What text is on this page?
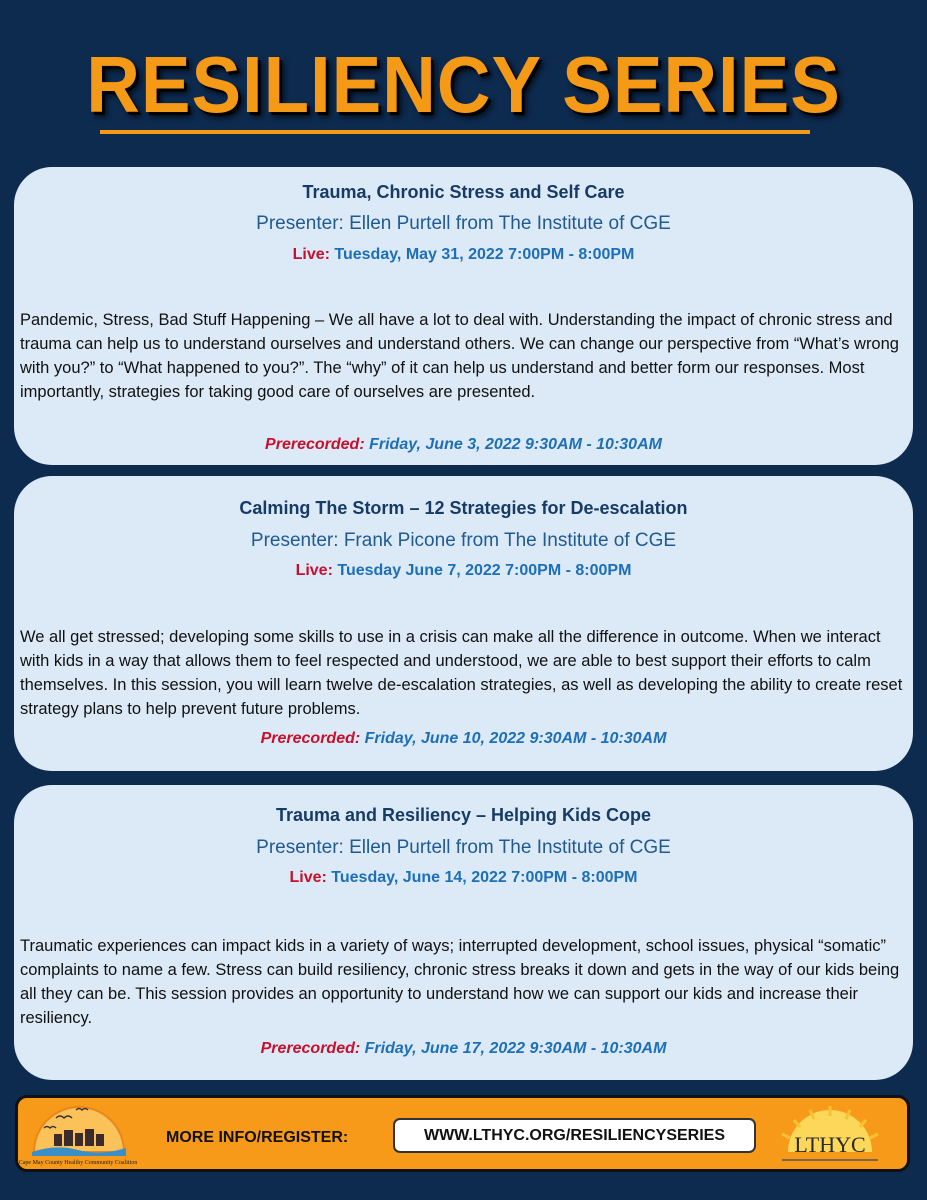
RESILIENCY SERIES
Trauma, Chronic Stress and Self Care
Presenter: Ellen Purtell from The Institute of CGE
Live: Tuesday, May 31, 2022 7:00PM - 8:00PM
Pandemic, Stress, Bad Stuff Happening – We all have a lot to deal with. Understanding the impact of chronic stress and trauma can help us to understand ourselves and understand others. We can change our perspective from “What’s wrong with you?” to “What happened to you?”. The “why” of it can help us understand and better form our responses. Most importantly, strategies for taking good care of ourselves are presented.
Prerecorded: Friday, June 3, 2022 9:30AM - 10:30AM
Calming The Storm – 12 Strategies for De-escalation
Presenter: Frank Picone from The Institute of CGE
Live: Tuesday June 7, 2022 7:00PM - 8:00PM
We all get stressed; developing some skills to use in a crisis can make all the difference in outcome. When we interact with kids in a way that allows them to feel respected and understood, we are able to best support their efforts to calm themselves. In this session, you will learn twelve de-escalation strategies, as well as developing the ability to create reset strategy plans to help prevent future problems.
Prerecorded: Friday, June 10, 2022 9:30AM - 10:30AM
Trauma and Resiliency – Helping Kids Cope
Presenter: Ellen Purtell from The Institute of CGE
Live: Tuesday, June 14, 2022 7:00PM - 8:00PM
Traumatic experiences can impact kids in a variety of ways; interrupted development, school issues, physical “somatic” complaints to name a few. Stress can build resiliency, chronic stress breaks it down and gets in the way of our kids being all they can be. This session provides an opportunity to understand how we can support our kids and increase their resiliency.
Prerecorded: Friday, June 17, 2022 9:30AM - 10:30AM
Cape May County Healthy Community Coalition
MORE INFO/REGISTER:	WWW.LTHYC.ORG/RESILIENCYSERIES	LTHYC
